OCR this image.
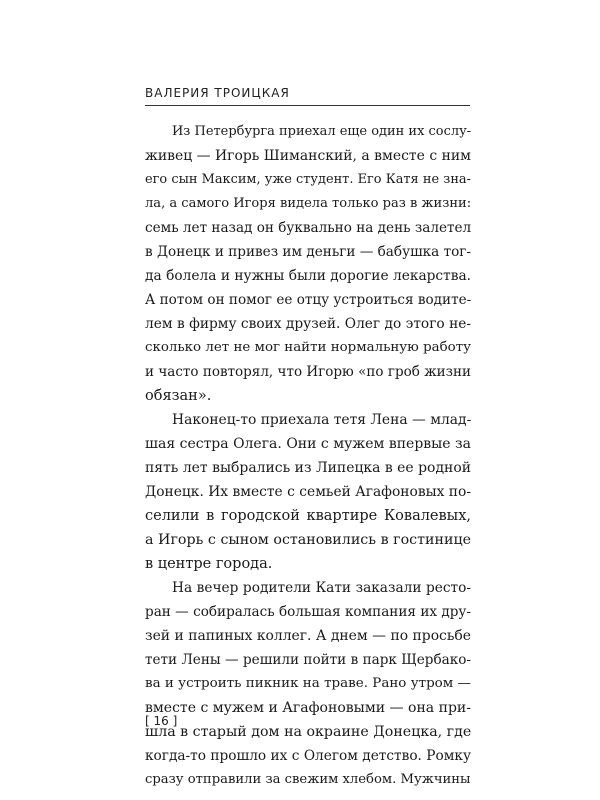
ВАЛЕРИЯ ТРОИЦКАЯ

Из Петербурга приехал еще один их сослу-
живец — Игорь Шиманский, а вместе с ним
его сын Максим, уже студент. Его Катя не зна-
ла, а самого Игоря видела только раз в жизни:
семь лет назад он буквально на день залетел
в Донецк и привез им деньги — бабушка тог-
да болела и нужны были дорогие лекарства.
А потом он помог ее отцу устроиться водите-
лем в фирму своих друзей. Олег до этого не-
сколько лет не мог найти нормальную работу
и часто повторял, что Игорю «по гроб жизни
обязан».

Наконец-то приехала тетя Лена — млад-
шая сестра Олега. Они с мужем впервые за
пять лет выбрались из Липецка в ее родной
Донецк. Их вместе с семьей Агафоновых по-
селили в городской квартире Ковалевых,
а Игорь с сыном остановились в гостинице
в центре города.

На вечер родители Кати заказали рестo-
ран — собиралась большая компания их дру-
зей и папиных коллег. А днем — по просьбе
тети Лены — решили пойти в парк Щербако-
ва и устроить пикник на траве. Рано утром —
вместе с мужем и Агафоновыми — она при-
шла в старый дом на окраине Донецка, где
когда-то прошло их с Олегом детство. Ромку
сразу отправили за свежим хлебом. Мужчины

[ 16 ]
